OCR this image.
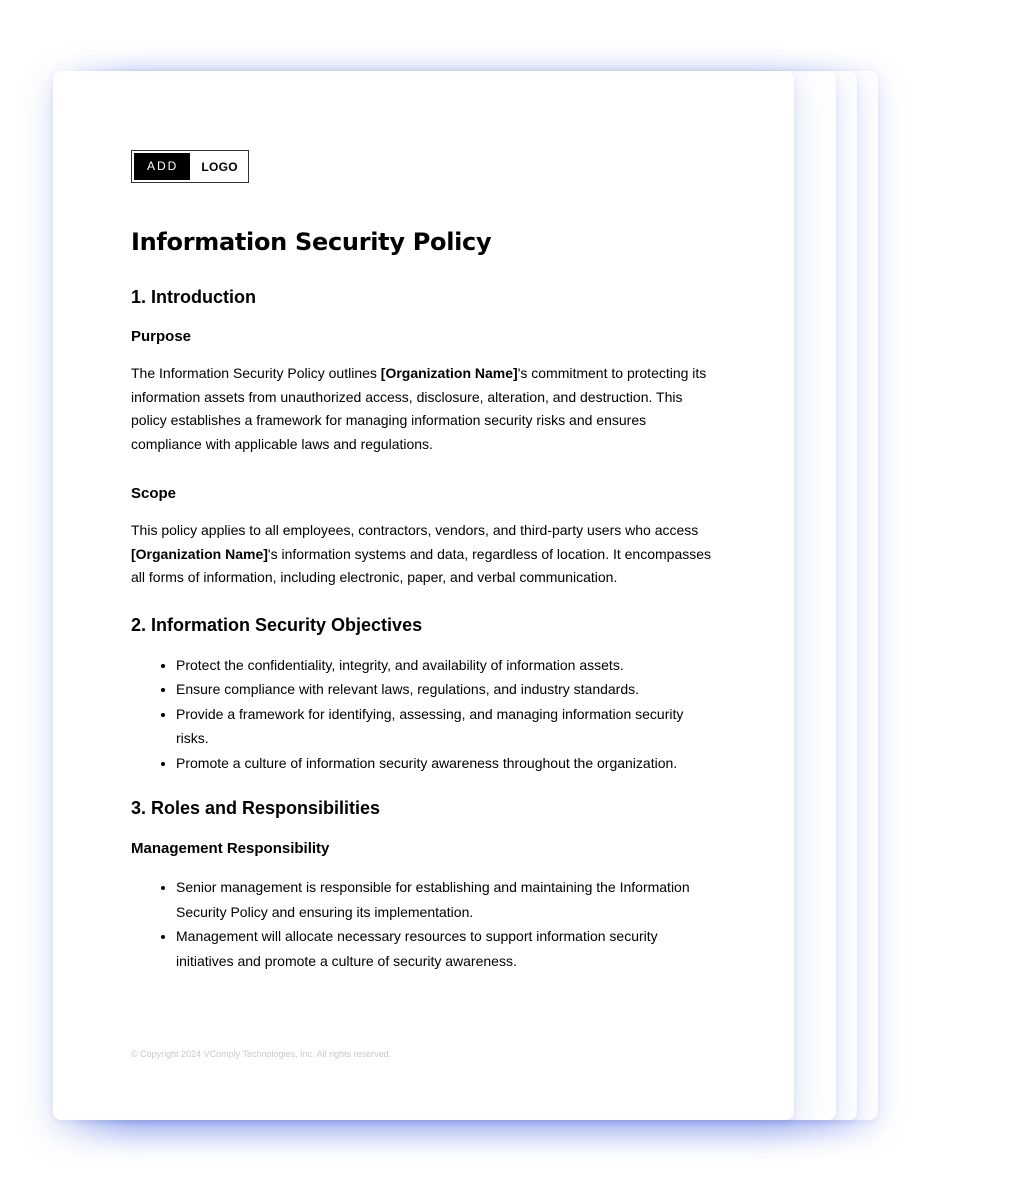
ADD	LOGO
Information Security Policy
1. Introduction
Purpose

The Information Security Policy outlines [Organization Name]'s commitment to protecting its information assets from unauthorized access, disclosure, alteration, and destruction. This policy establishes a framework for managing information security risks and ensures compliance with applicable laws and regulations.

Scope

This policy applies to all employees, contractors, vendors, and third-party users who access [Organization Name]'s information systems and data, regardless of location. It encompasses all forms of information, including electronic, paper, and verbal communication.

2. Information Security Objectives
• Protect the confidentiality, integrity, and availability of information assets.
• Ensure compliance with relevant laws, regulations, and industry standards.
• Provide a framework for identifying, assessing, and managing information security risks.
• Promote a culture of information security awareness throughout the organization.
3. Roles and Responsibilities
Management Responsibility
• Senior management is responsible for establishing and maintaining the Information Security Policy and ensuring its implementation.
• Management will allocate necessary resources to support information security initiatives and promote a culture of security awareness.
© Copyright 2024 VComply Technologies, Inc. All rights reserved.
